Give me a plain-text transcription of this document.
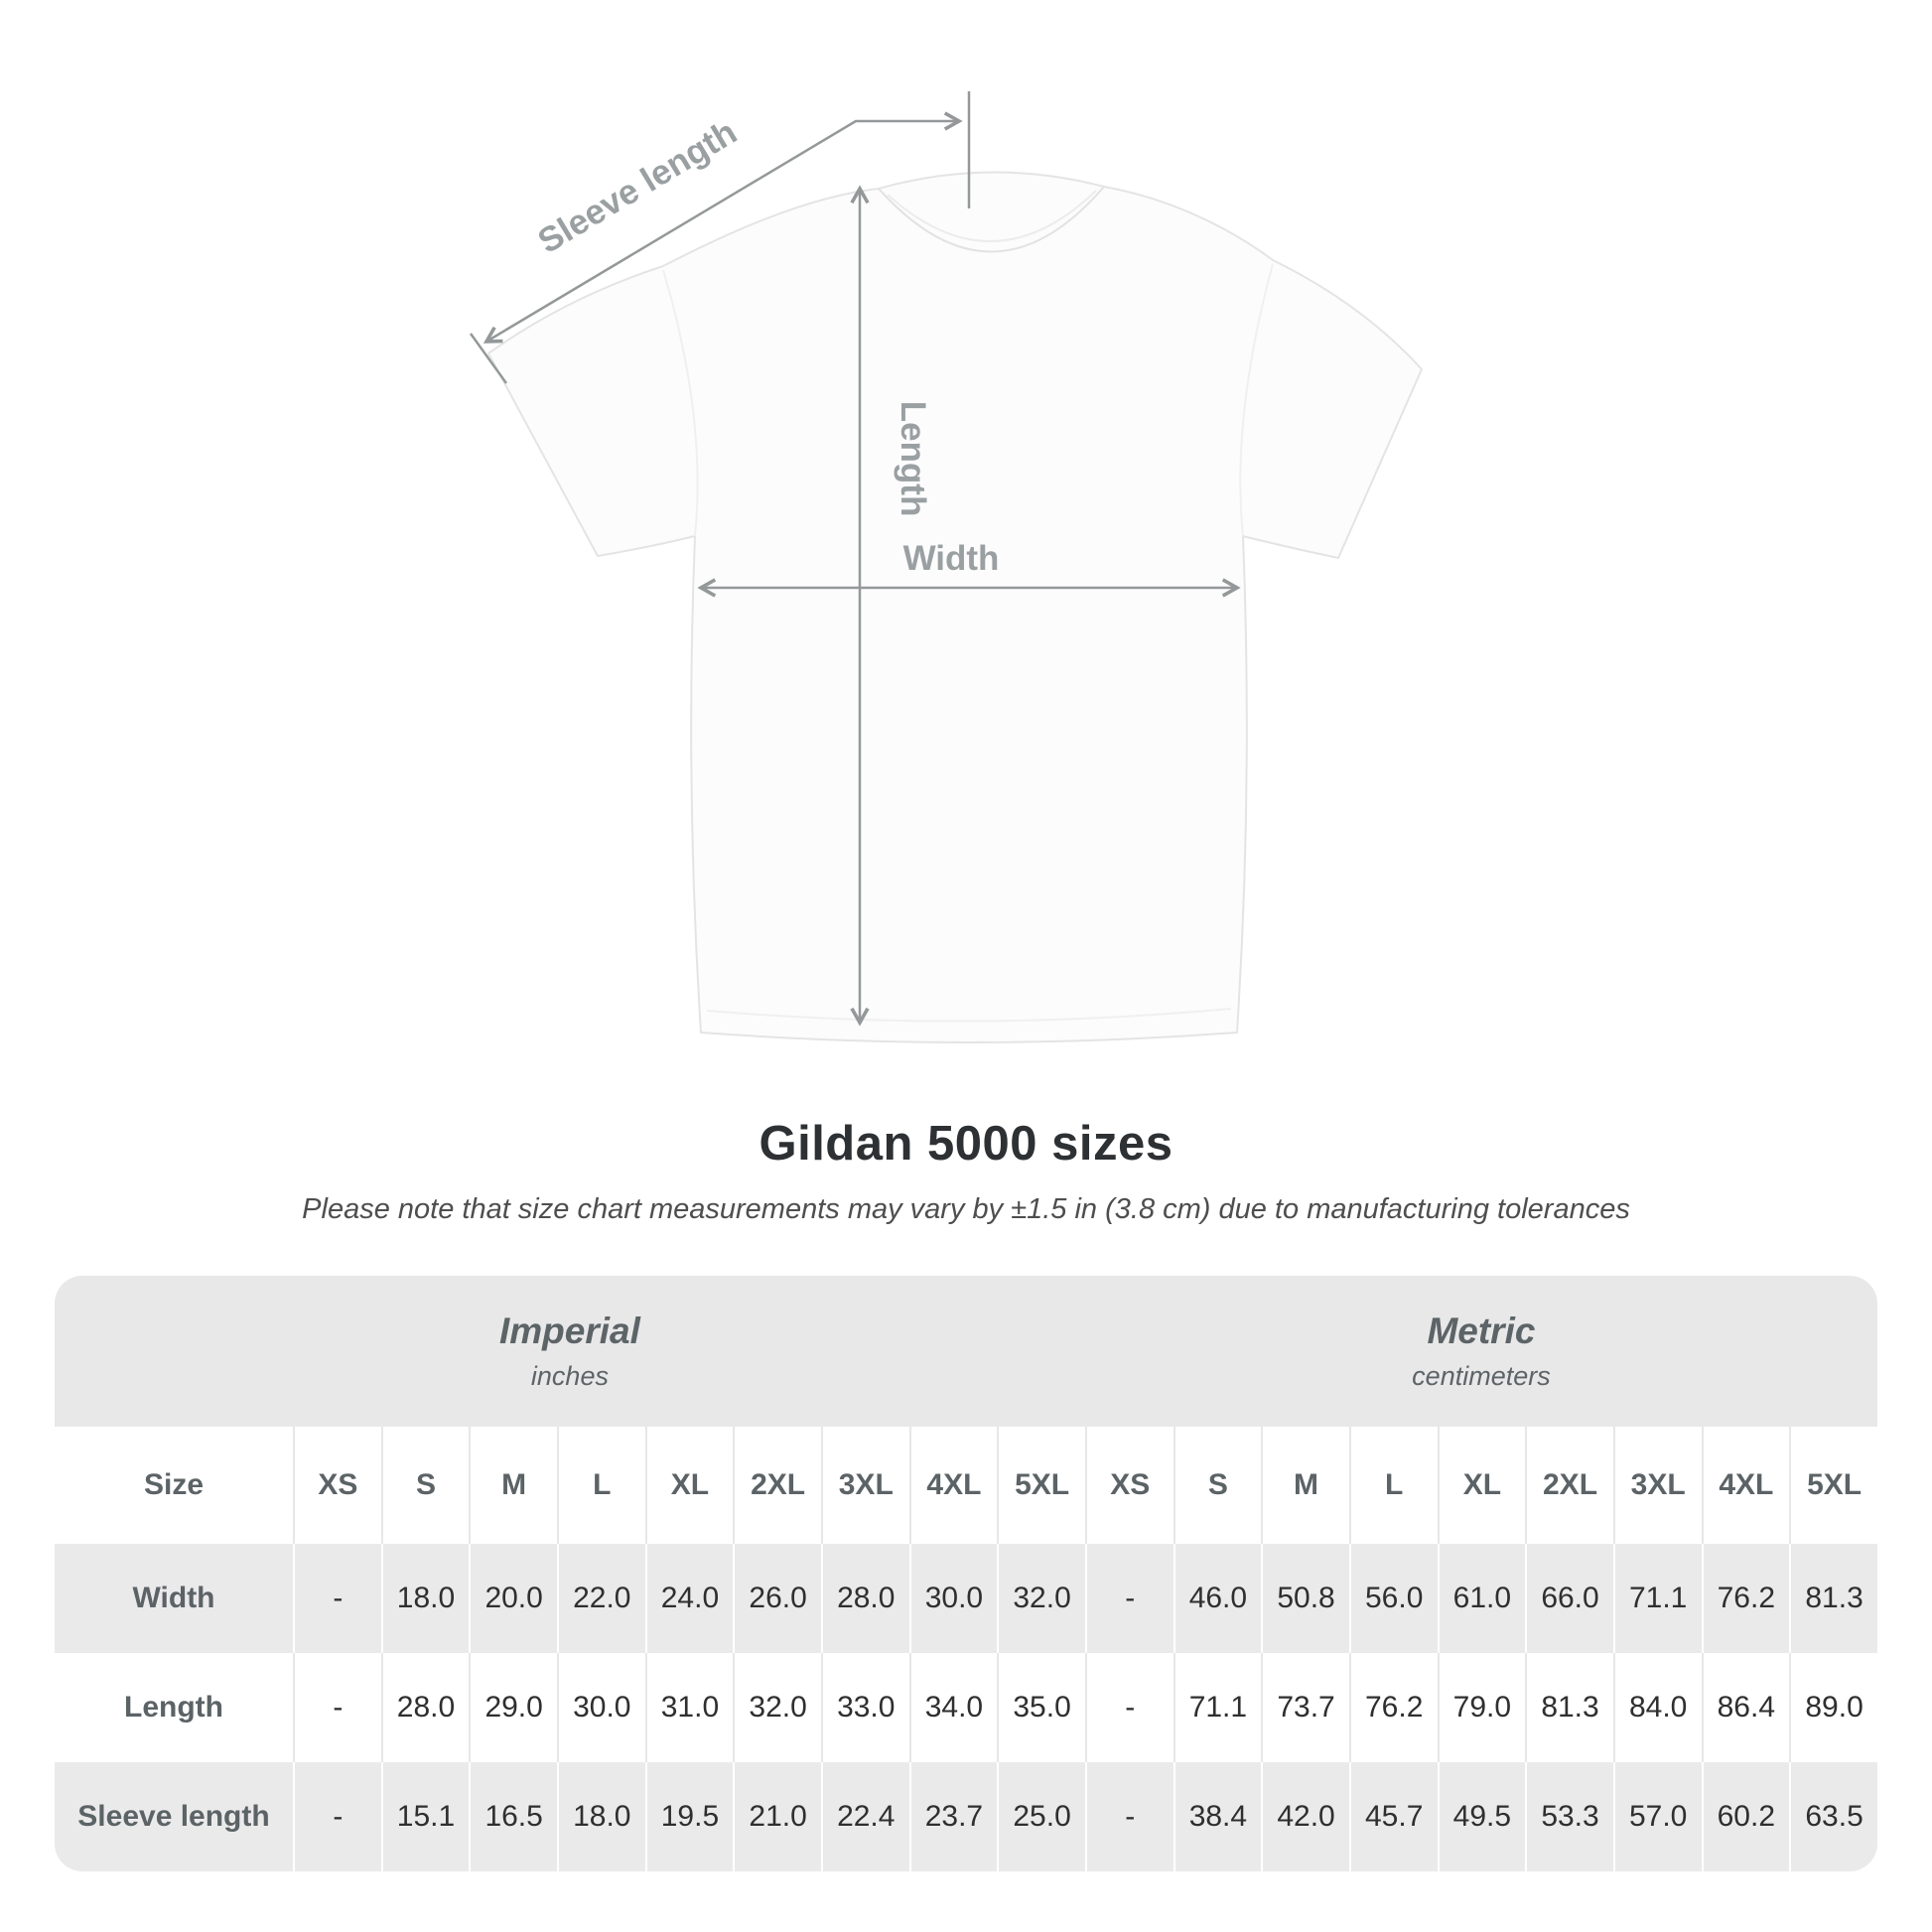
Sleeve length
Length
Width
Gildan 5000 sizes

Please note that size chart measurements may vary by ±1.5 in (3.8 cm) due to manufacturing tolerances

Imperial
inches

Metric
centimeters

Size	XS	S	M	L	XL	2XL	3XL	4XL	5XL	XS	S	M	L	XL	2XL	3XL	4XL	5XL
Width	-	18.0	20.0	22.0	24.0	26.0	28.0	30.0	32.0	-	46.0	50.8	56.0	61.0	66.0	71.1	76.2	81.3
Length	-	28.0	29.0	30.0	31.0	32.0	33.0	34.0	35.0	-	71.1	73.7	76.2	79.0	81.3	84.0	86.4	89.0
Sleeve length	-	15.1	16.5	18.0	19.5	21.0	22.4	23.7	25.0	-	38.4	42.0	45.7	49.5	53.3	57.0	60.2	63.5
